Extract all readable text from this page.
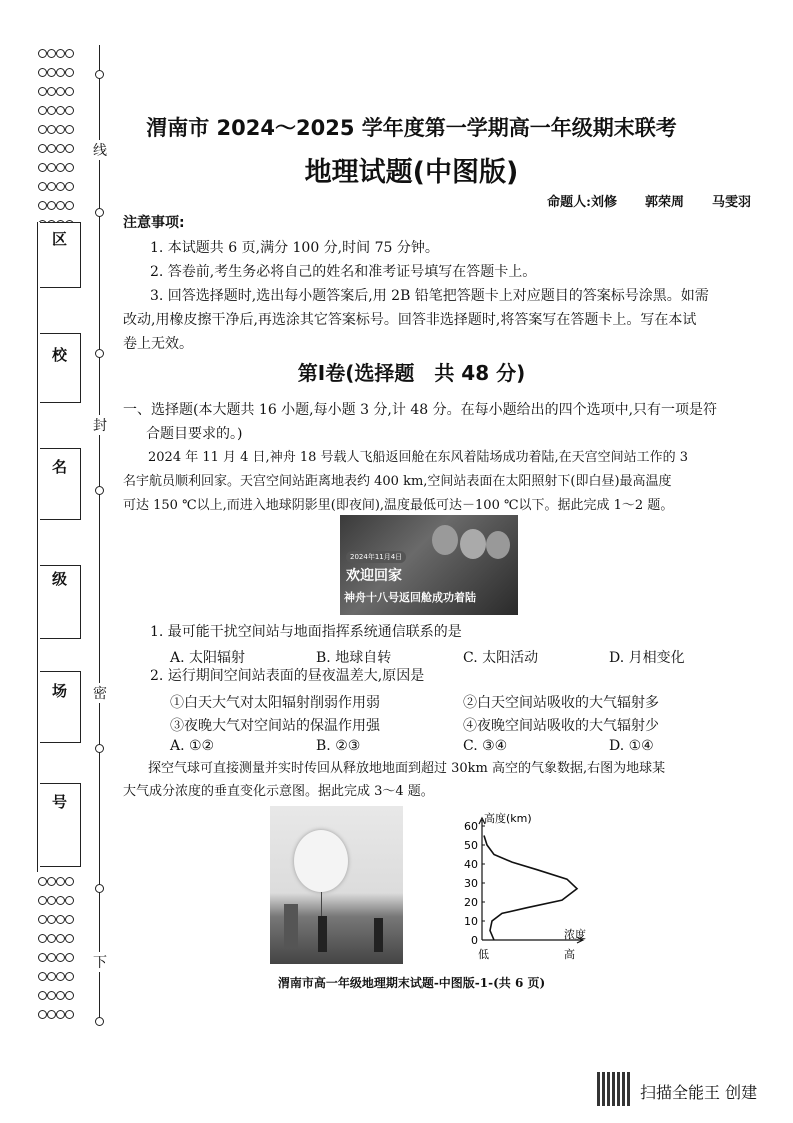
线
封
密
下
区
校
名
级
场
号
渭南市 2024～2025 学年度第一学期高一年级期末联考
地理试题(中图版)
命题人:刘修 郭荣周 马雯羽
注意事项:
1. 本试题共 6 页,满分 100 分,时间 75 分钟。
2. 答卷前,考生务必将自己的姓名和准考证号填写在答题卡上。
3. 回答选择题时,选出每小题答案后,用 2B 铅笔把答题卡上对应题目的答案标号涂黑。如需
改动,用橡皮擦干净后,再选涂其它答案标号。回答非选择题时,将答案写在答题卡上。写在本试
卷上无效。
第Ⅰ卷(选择题　共 48 分)
一、选择题(本大题共 16 小题,每小题 3 分,计 48 分。在每小题给出的四个选项中,只有一项是符
合题目要求的。)
2024 年 11 月 4 日,神舟 18 号载人飞船返回舱在东风着陆场成功着陆,在天宫空间站工作的 3
名宇航员顺利回家。天宫空间站距离地表约 400 km,空间站表面在太阳照射下(即白昼)最高温度
可达 150 ℃以上,而进入地球阴影里(即夜间),温度最低可达－100 ℃以下。据此完成 1～2 题。
2024年11月4日
欢迎回家
神舟十八号返回舱成功着陆
1. 最可能干扰空间站与地面指挥系统通信联系的是
A. 太阳辐射	B. 地球自转	C. 太阳活动	D. 月相变化
2. 运行期间空间站表面的昼夜温差大,原因是
①白天大气对太阳辐射削弱作用弱	②白天空间站吸收的大气辐射多
③夜晚大气对空间站的保温作用强	④夜晚空间站吸收的大气辐射少
A. ①②	B. ②③	C. ③④	D. ①④
探空气球可直接测量并实时传回从释放地地面到超过 30km 高空的气象数据,右图为地球某
大气成分浓度的垂直变化示意图。据此完成 3～4 题。
0
10
20
30
40
50
60
高度(km)
浓度
低	高
渭南市高一年级地理期末试题-中图版-1-(共 6 页)
扫描全能王 创建
